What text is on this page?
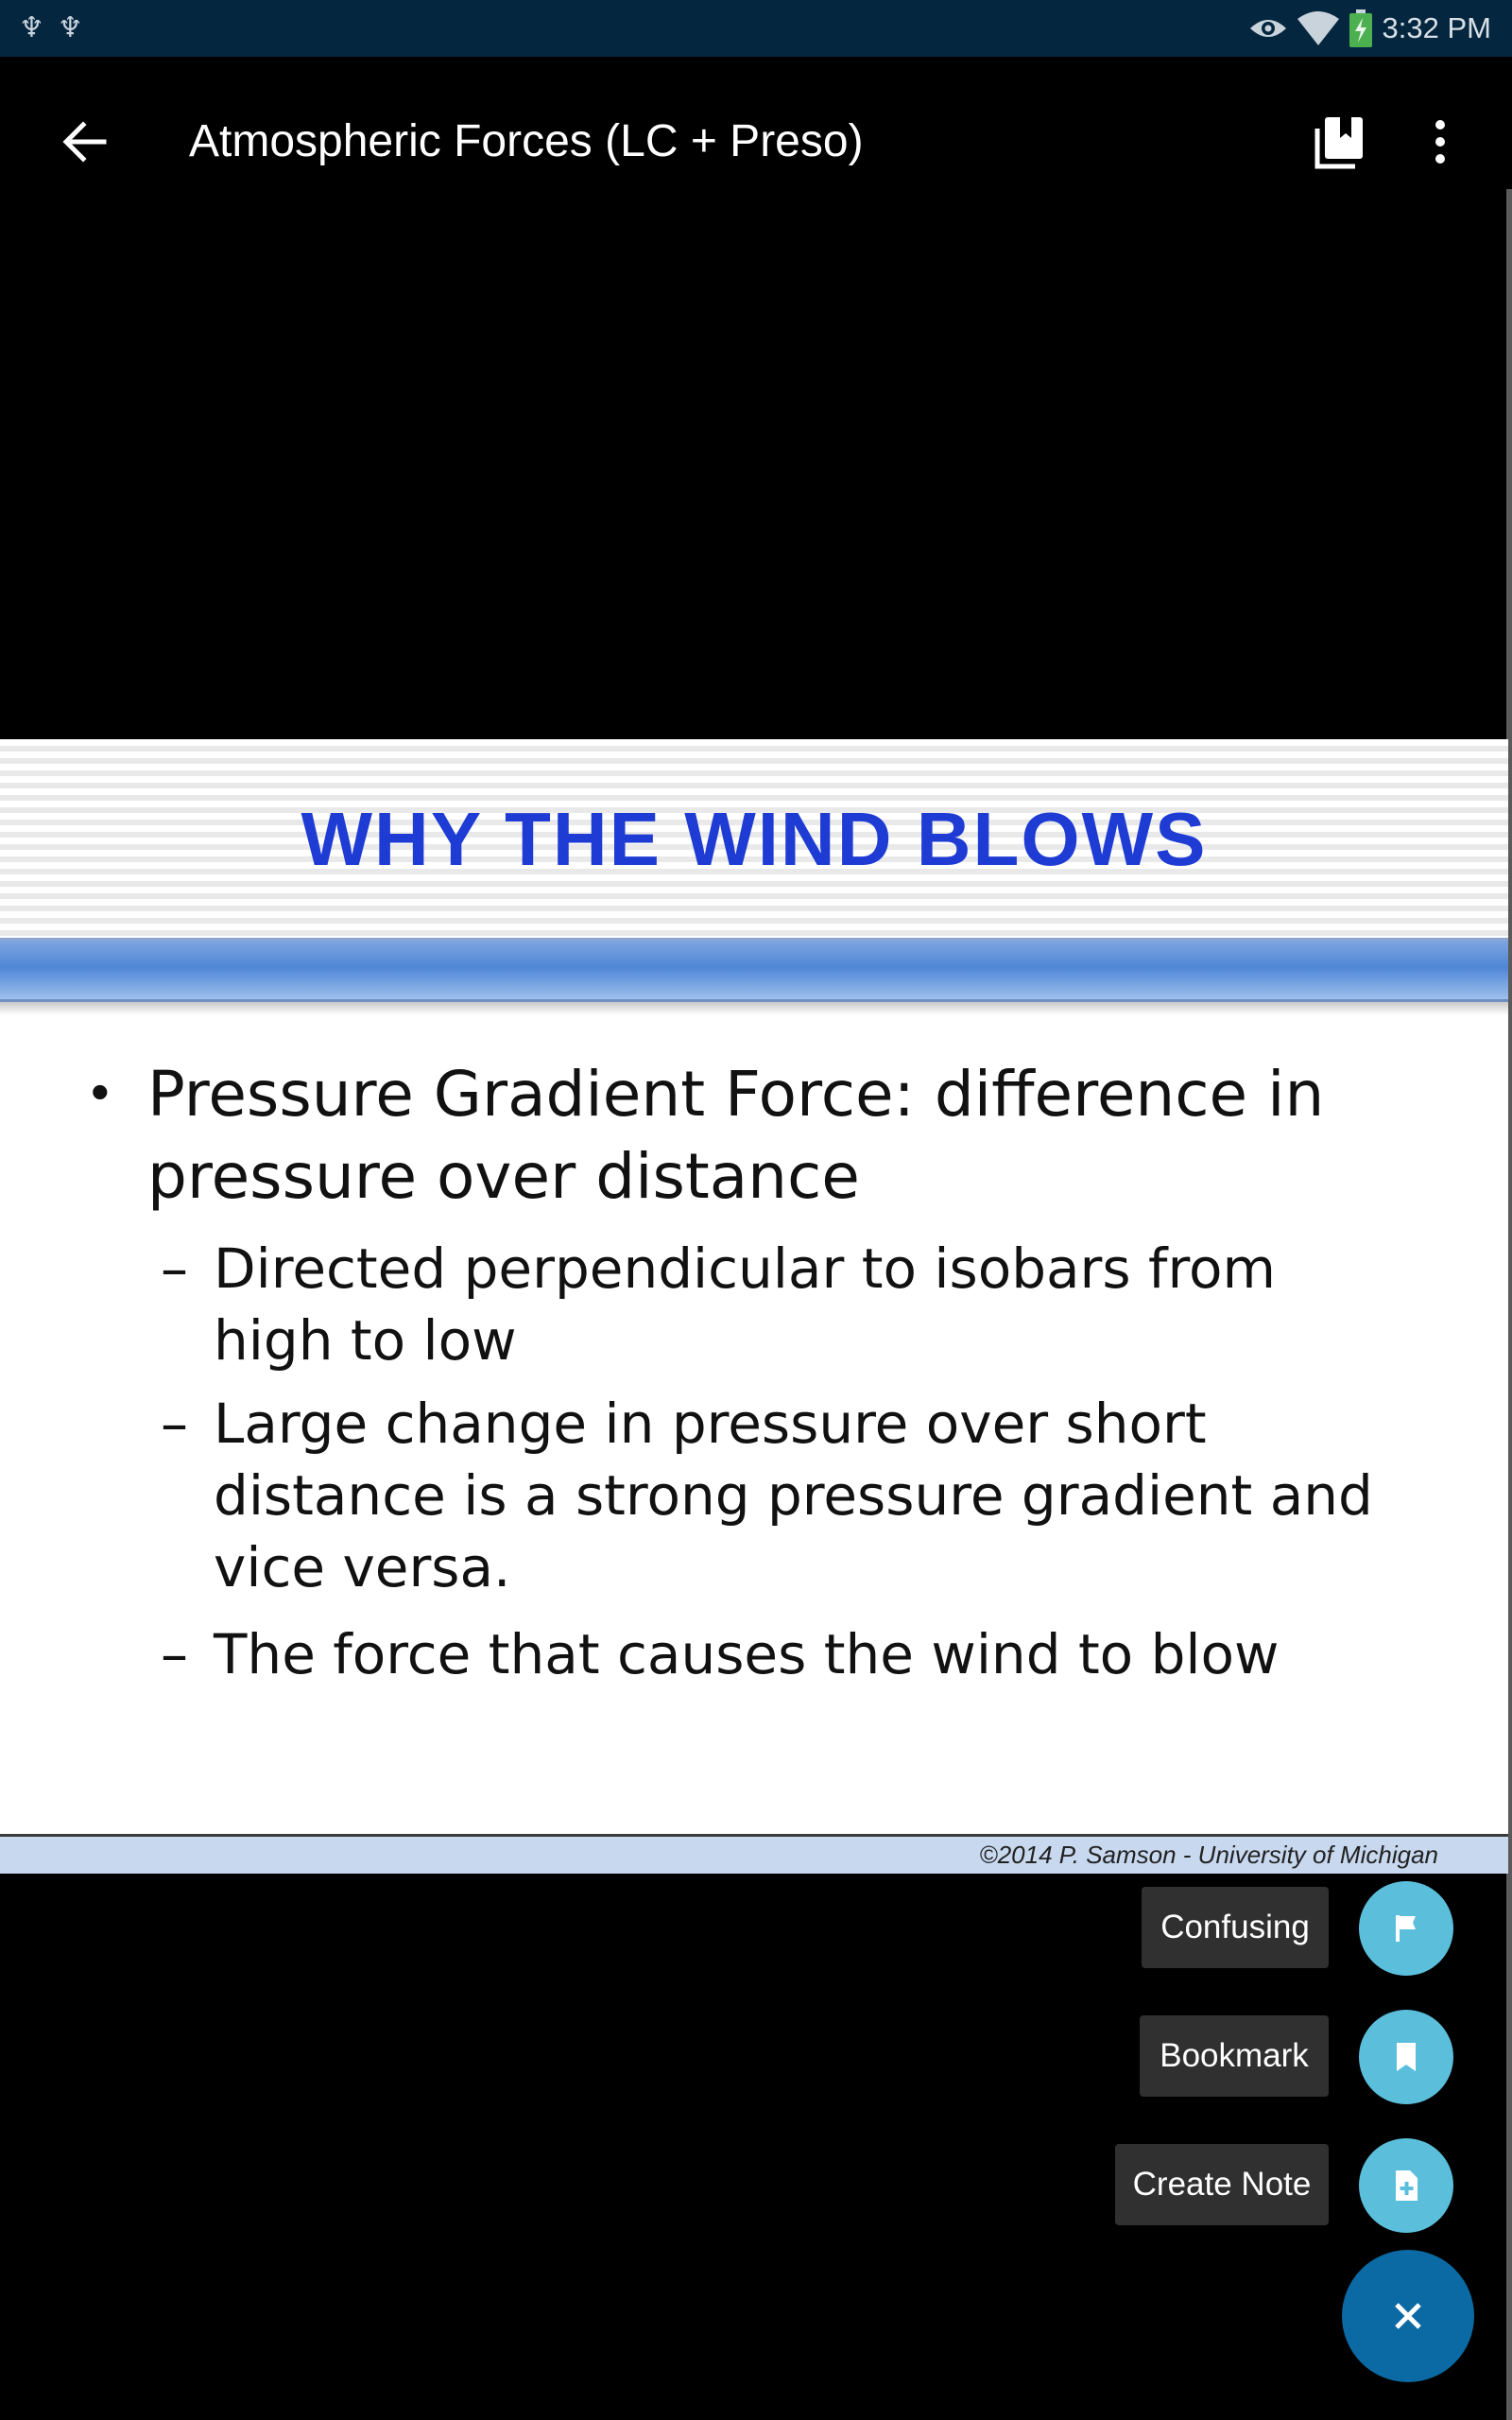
♆ ♆	3:32 PM
Atmospheric Forces (LC + Preso)
WHY THE WIND BLOWS
• Pressure Gradient Force: difference in pressure over distance
– Directed perpendicular to isobars from high to low
– Large change in pressure over short distance is a strong pressure gradient and vice versa.
– The force that causes the wind to blow
©2014 P. Samson - University of Michigan
Confusing
Bookmark
Create Note
